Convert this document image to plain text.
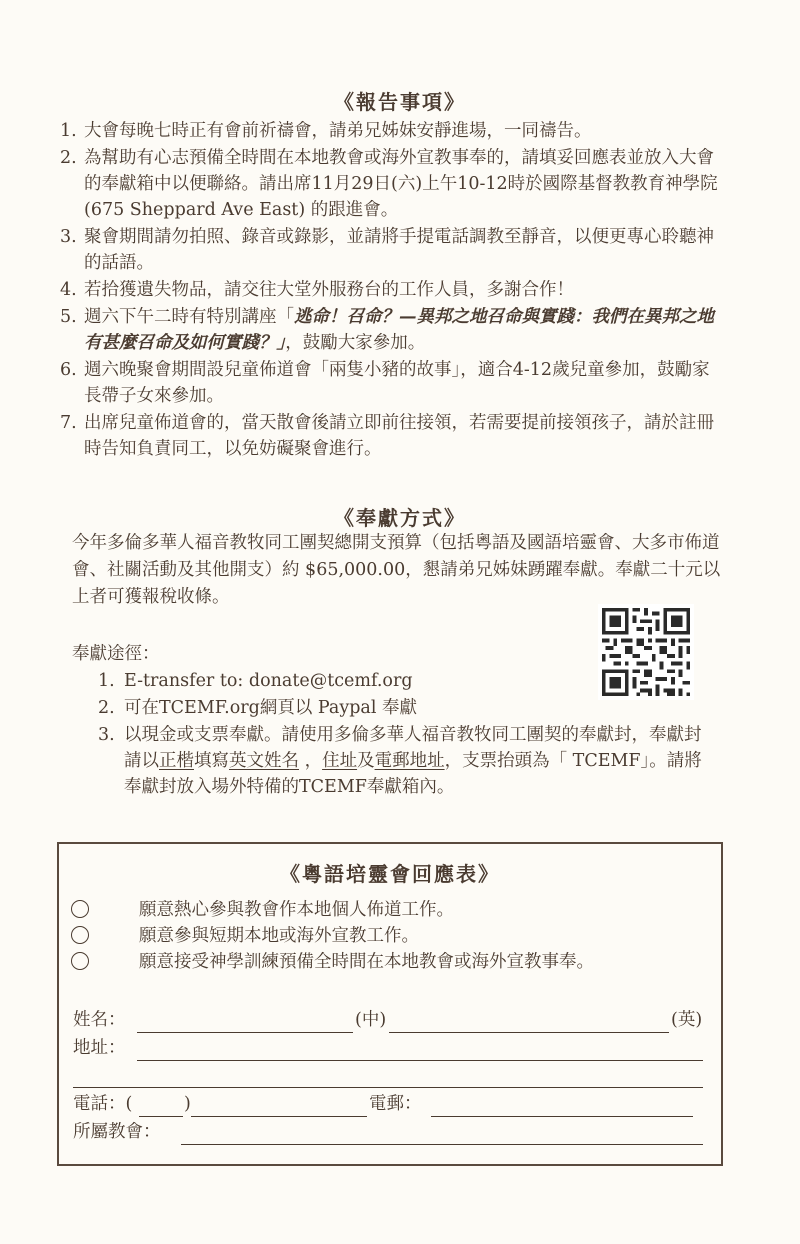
《報告事項》
1. 大會每晚七時正有會前祈禱會，請弟兄姊妹安靜進場，一同禱告。
2. 為幫助有心志預備全時間在本地教會或海外宣教事奉的，請填妥回應表並放入大會的奉獻箱中以便聯絡。請出席11月29日(六)上午10-12時於國際基督教教育神學院 (675 Sheppard Ave East) 的跟進會。
3. 聚會期間請勿拍照、錄音或錄影，並請將手提電話調教至靜音，以便更專心聆聽神的話語。
4. 若拾獲遺失物品，請交往大堂外服務台的工作人員，多謝合作！
5. 週六下午二時有特別講座「逃命！召命？—異邦之地召命與實踐：我們在異邦之地有甚麼召命及如何實踐？」，鼓勵大家參加。
6. 週六晚聚會期間設兒童佈道會「兩隻小豬的故事」，適合4-12歲兒童參加，鼓勵家長帶子女來參加。
7. 出席兒童佈道會的，當天散會後請立即前往接領，若需要提前接領孩子，請於註冊時告知負責同工，以免妨礙聚會進行。
《奉獻方式》

今年多倫多華人福音教牧同工團契總開支預算（包括粵語及國語培靈會、大多市佈道會、社關活動及其他開支）約 $65,000.00，懇請弟兄姊妹踴躍奉獻。奉獻二十元以上者可獲報稅收條。

奉獻途徑：
1. E-transfer to: donate@tcemf.org
2. 可在TCEMF.org網頁以 Paypal 奉獻
3. 以現金或支票奉獻。請使用多倫多華人福音教牧同工團契的奉獻封，奉獻封請以正楷填寫英文姓名 ，住址及電郵地址，支票抬頭為「 TCEMF」。請將奉獻封放入場外特備的TCEMF奉獻箱內。
《粵語培靈會回應表》
願意熱心參與教會作本地個人佈道工作。
願意參與短期本地或海外宣教工作。
願意接受神學訓練預備全時間在本地教會或海外宣教事奉。
姓名：	(中)	(英)
地址：
電話：(	)	電郵：
所屬教會：
